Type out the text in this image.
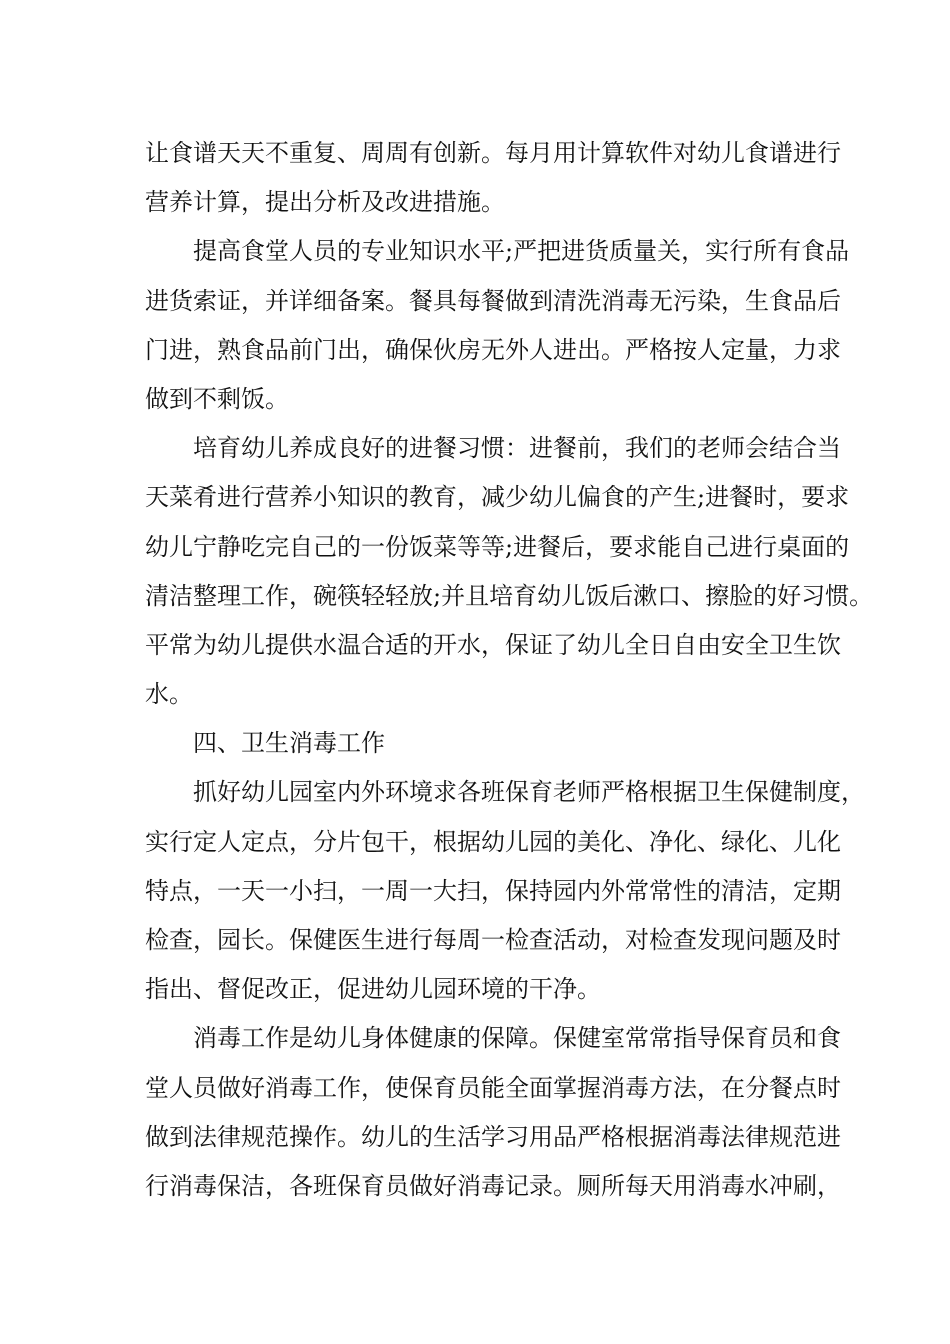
让食谱天天不重复、周周有创新。每月用计算软件对幼儿食谱进行
营养计算，提出分析及改进措施。
提高食堂人员的专业知识水平;严把进货质量关，实行所有食品
进货索证，并详细备案。餐具每餐做到清洗消毒无污染，生食品后
门进，熟食品前门出，确保伙房无外人进出。严格按人定量，力求
做到不剩饭。
培育幼儿养成良好的进餐习惯：进餐前，我们的老师会结合当
天菜肴进行营养小知识的教育，减少幼儿偏食的产生;进餐时，要求
幼儿宁静吃完自己的一份饭菜等等;进餐后，要求能自己进行桌面的
清洁整理工作，碗筷轻轻放;并且培育幼儿饭后漱口、擦脸的好习惯。
平常为幼儿提供水温合适的开水，保证了幼儿全日自由安全卫生饮
水。
四、卫生消毒工作
抓好幼儿园室内外环境求各班保育老师严格根据卫生保健制度，
实行定人定点，分片包干，根据幼儿园的美化、净化、绿化、儿化
特点，一天一小扫，一周一大扫，保持园内外常常性的清洁，定期
检查，园长。保健医生进行每周一检查活动，对检查发现问题及时
指出、督促改正，促进幼儿园环境的干净。
消毒工作是幼儿身体健康的保障。保健室常常指导保育员和食
堂人员做好消毒工作，使保育员能全面掌握消毒方法，在分餐点时
做到法律规范操作。幼儿的生活学习用品严格根据消毒法律规范进
行消毒保洁，各班保育员做好消毒记录。厕所每天用消毒水冲刷，
